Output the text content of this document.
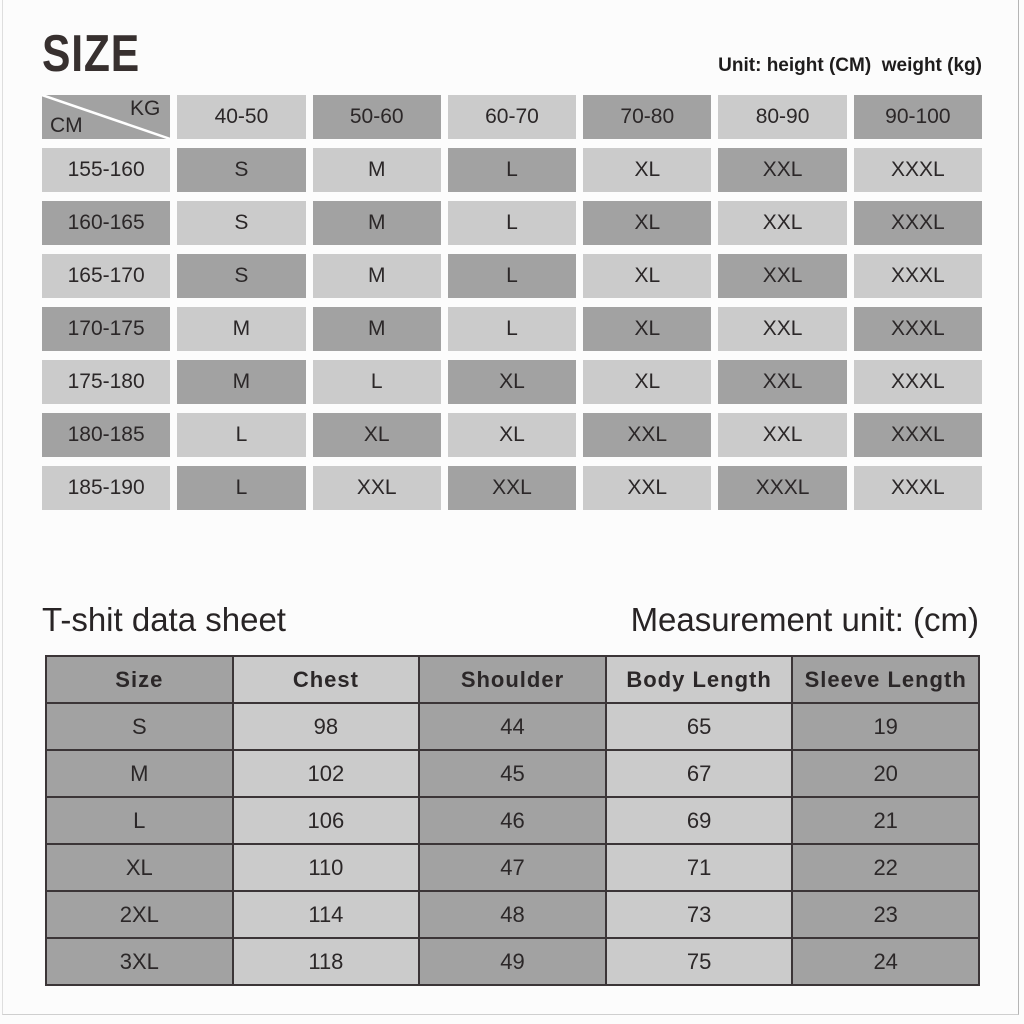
SIZE	Unit: height (CM)  weight (kg)
KG
CM	40-50	50-60	60-70	70-80	80-90	90-100
155-160	S	M	L	XL	XXL	XXXL
160-165	S	M	L	XL	XXL	XXXL
165-170	S	M	L	XL	XXL	XXXL
170-175	M	M	L	XL	XXL	XXXL
175-180	M	L	XL	XL	XXL	XXXL
180-185	L	XL	XL	XXL	XXL	XXXL
185-190	L	XXL	XXL	XXL	XXXL	XXXL
T-shit data sheet	Measurement unit: (cm)
Size	Chest	Shoulder	Body Length	Sleeve Length
S	98	44	65	19
M	102	45	67	20
L	106	46	69	21
XL	110	47	71	22
2XL	114	48	73	23
3XL	118	49	75	24
